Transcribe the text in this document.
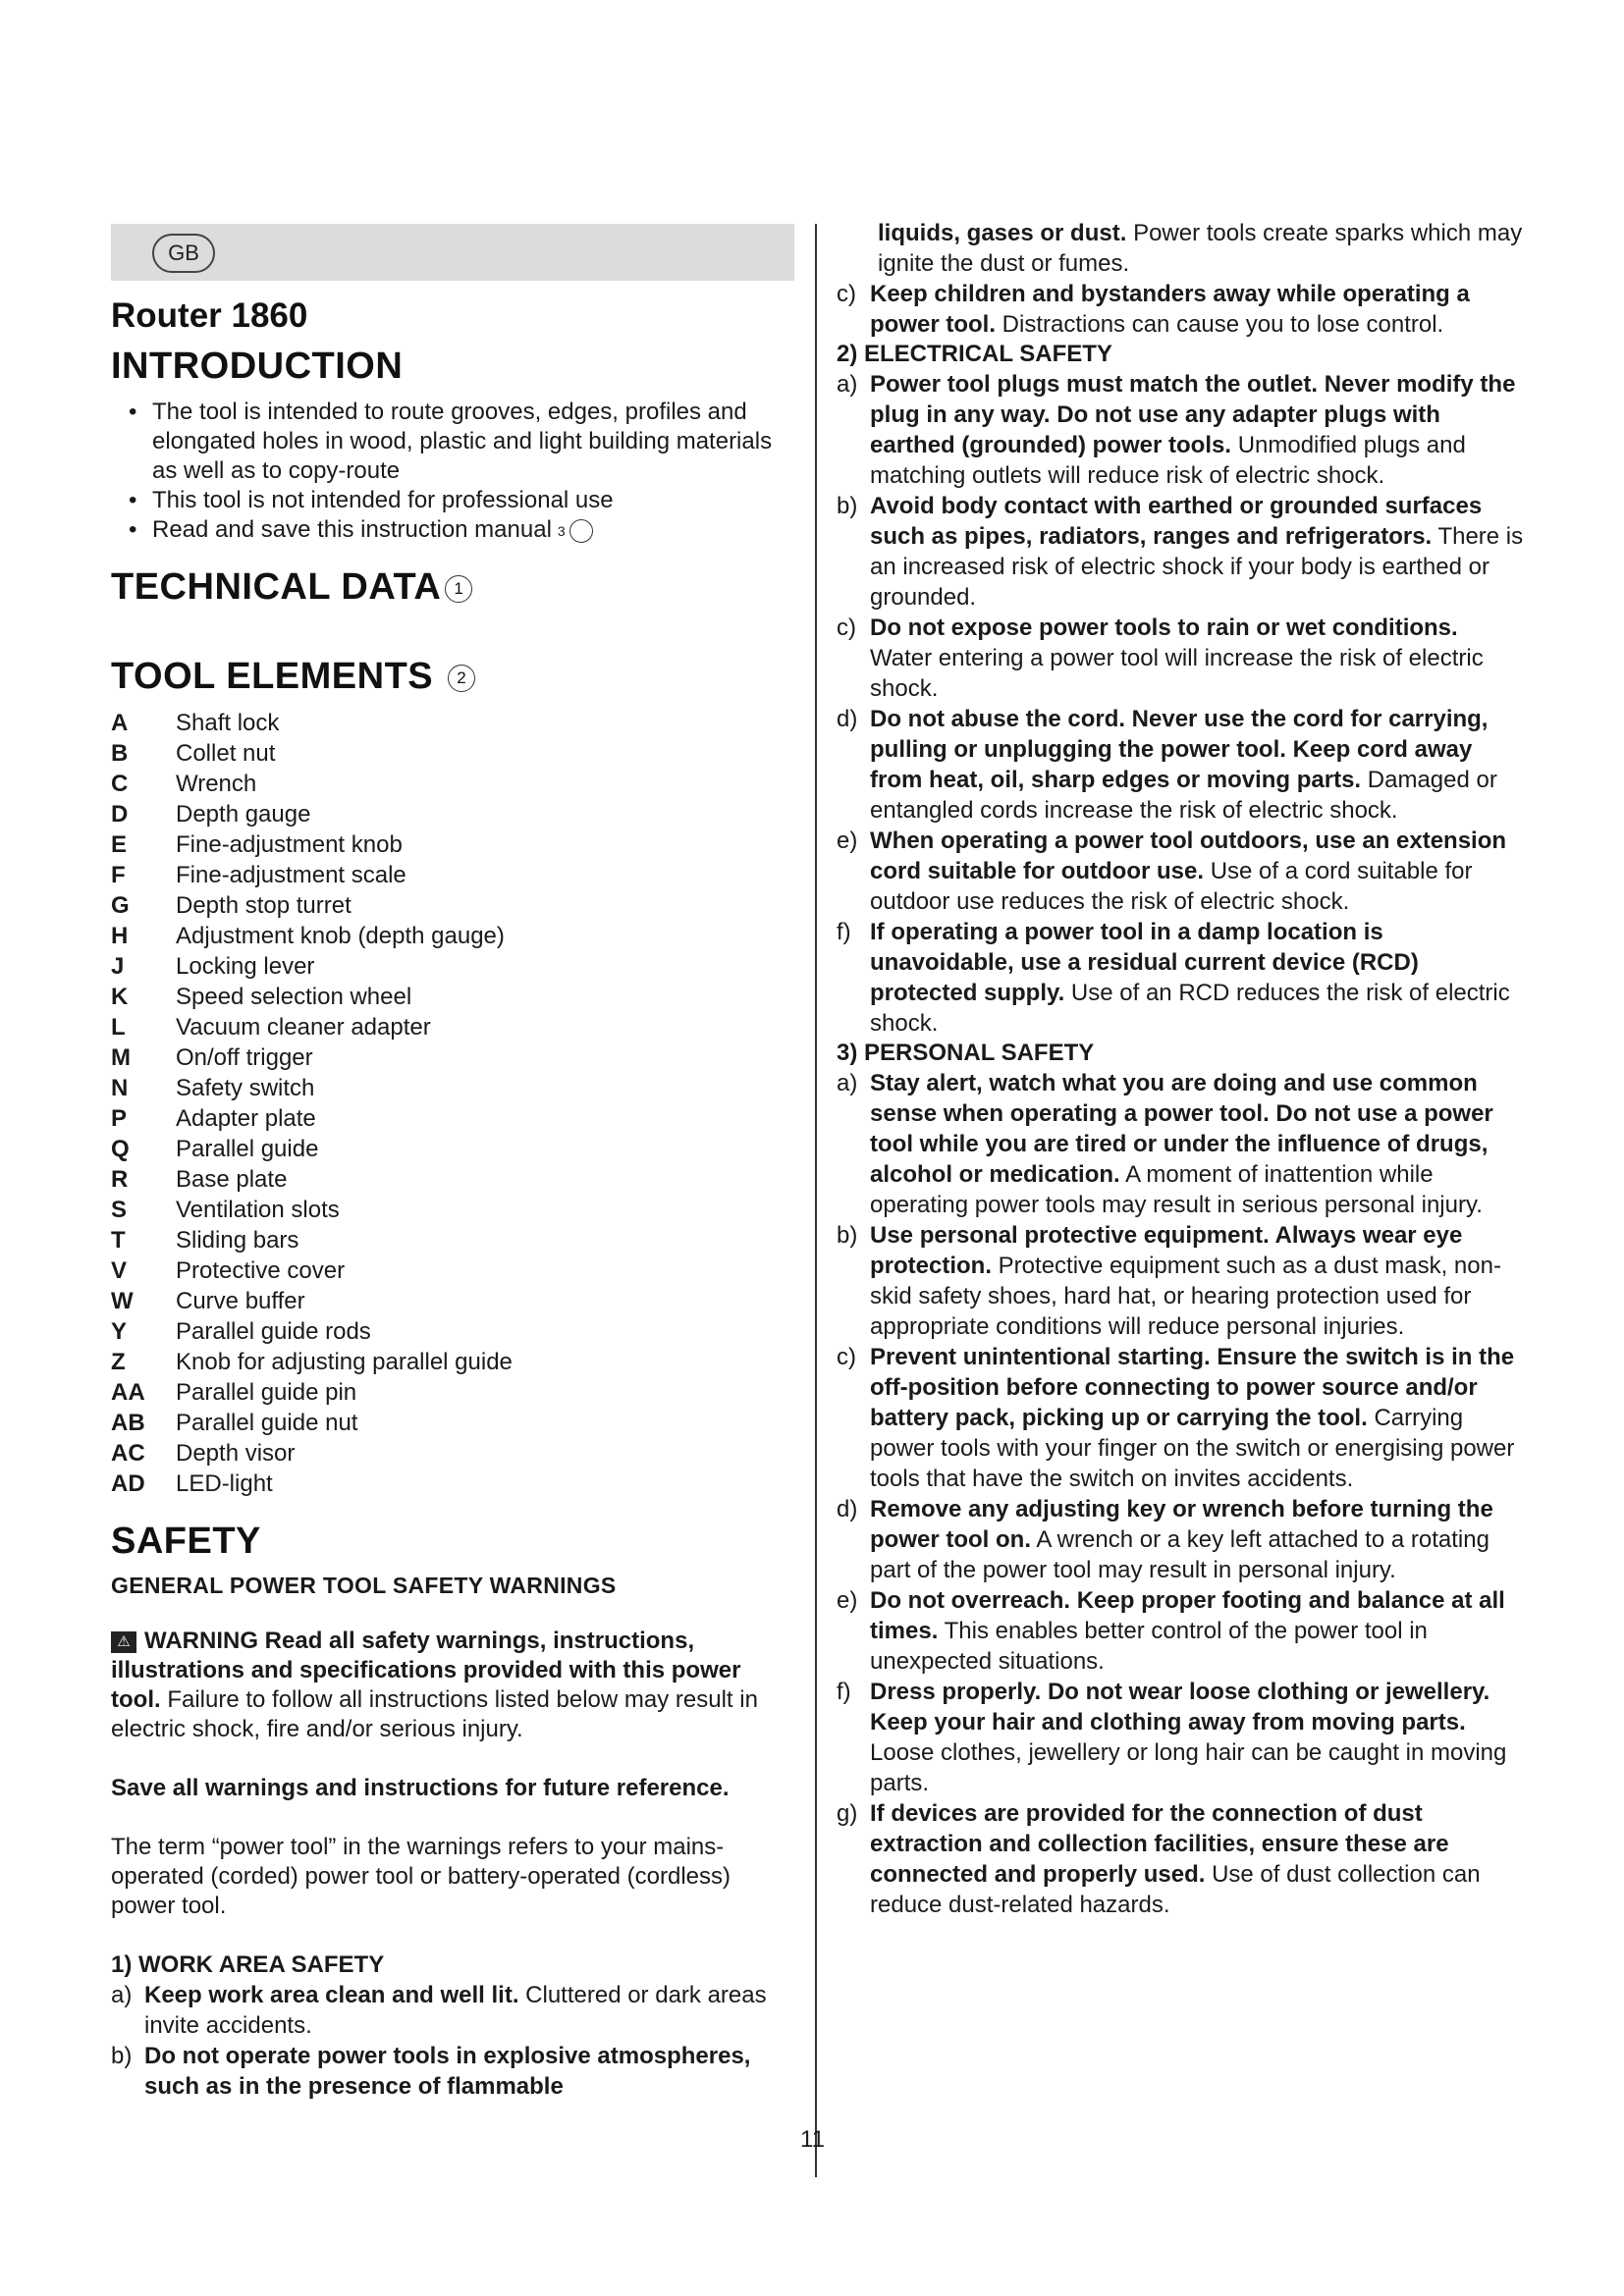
GB
Router 1860
INTRODUCTION
• The tool is intended to route grooves, edges, profiles and elongated holes in wood, plastic and light building materials as well as to copy-route
• This tool is not intended for professional use
• Read and save this instruction manual 3
TECHNICAL DATA 1
TOOL ELEMENTS 2
A	Shaft lock
B	Collet nut
C	Wrench
D	Depth gauge
E	Fine-adjustment knob
F	Fine-adjustment scale
G	Depth stop turret
H	Adjustment knob (depth gauge)
J	Locking lever
K	Speed selection wheel
L	Vacuum cleaner adapter
M	On/off trigger
N	Safety switch
P	Adapter plate
Q	Parallel guide
R	Base plate
S	Ventilation slots
T	Sliding bars
V	Protective cover
W	Curve buffer
Y	Parallel guide rods
Z	Knob for adjusting parallel guide
AA	Parallel guide pin
AB	Parallel guide nut
AC	Depth visor
AD	LED-light
SAFETY
GENERAL POWER TOOL SAFETY WARNINGS

⚠ WARNING Read all safety warnings, instructions, illustrations and specifications provided with this power tool. Failure to follow all instructions listed below may result in electric shock, fire and/or serious injury.

Save all warnings and instructions for future reference.

The term “power tool” in the warnings refers to your mains-operated (corded) power tool or battery-operated (cordless) power tool.

1) WORK AREA SAFETY
a) Keep work area clean and well lit. Cluttered or dark areas invite accidents.
b) Do not operate power tools in explosive atmospheres, such as in the presence of flammable
liquids, gases or dust. Power tools create sparks which may ignite the dust or fumes.
c) Keep children and bystanders away while operating a power tool. Distractions can cause you to lose control.
2) ELECTRICAL SAFETY
a) Power tool plugs must match the outlet. Never modify the plug in any way. Do not use any adapter plugs with earthed (grounded) power tools. Unmodified plugs and matching outlets will reduce risk of electric shock.
b) Avoid body contact with earthed or grounded surfaces such as pipes, radiators, ranges and refrigerators. There is an increased risk of electric shock if your body is earthed or grounded.
c) Do not expose power tools to rain or wet conditions. Water entering a power tool will increase the risk of electric shock.
d) Do not abuse the cord. Never use the cord for carrying, pulling or unplugging the power tool. Keep cord away from heat, oil, sharp edges or moving parts. Damaged or entangled cords increase the risk of electric shock.
e) When operating a power tool outdoors, use an extension cord suitable for outdoor use. Use of a cord suitable for outdoor use reduces the risk of electric shock.
f) If operating a power tool in a damp location is unavoidable, use a residual current device (RCD) protected supply. Use of an RCD reduces the risk of electric shock.
3) PERSONAL SAFETY
a) Stay alert, watch what you are doing and use common sense when operating a power tool. Do not use a power tool while you are tired or under the influence of drugs, alcohol or medication. A moment of inattention while operating power tools may result in serious personal injury.
b) Use personal protective equipment. Always wear eye protection. Protective equipment such as a dust mask, non-skid safety shoes, hard hat, or hearing protection used for appropriate conditions will reduce personal injuries.
c) Prevent unintentional starting. Ensure the switch is in the off-position before connecting to power source and/or battery pack, picking up or carrying the tool. Carrying power tools with your finger on the switch or energising power tools that have the switch on invites accidents.
d) Remove any adjusting key or wrench before turning the power tool on. A wrench or a key left attached to a rotating part of the power tool may result in personal injury.
e) Do not overreach. Keep proper footing and balance at all times. This enables better control of the power tool in unexpected situations.
f) Dress properly. Do not wear loose clothing or jewellery. Keep your hair and clothing away from moving parts. Loose clothes, jewellery or long hair can be caught in moving parts.
g) If devices are provided for the connection of dust extraction and collection facilities, ensure these are connected and properly used. Use of dust collection can reduce dust-related hazards.
11
